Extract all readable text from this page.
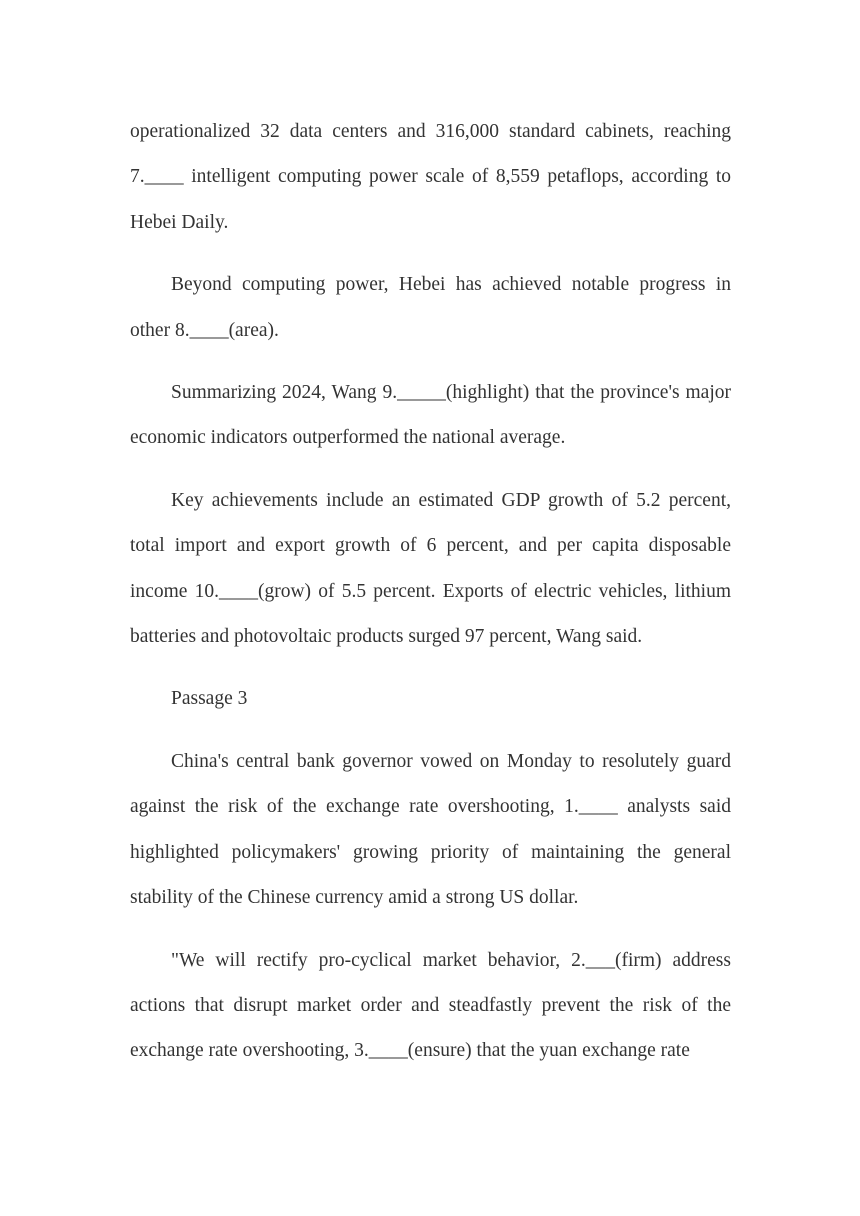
operationalized 32 data centers and 316,000 standard cabinets, reaching 7.____ intelligent computing power scale of 8,559 petaflops, according to Hebei Daily.

Beyond computing power, Hebei has achieved notable progress in other 8.____(area).

Summarizing 2024, Wang 9._____(highlight) that the province's major economic indicators outperformed the national average.

Key achievements include an estimated GDP growth of 5.2 percent, total import and export growth of 6 percent, and per capita disposable income 10.____(grow) of 5.5 percent. Exports of electric vehicles, lithium batteries and photovoltaic products surged 97 percent, Wang said.

Passage 3

China's central bank governor vowed on Monday to resolutely guard against the risk of the exchange rate overshooting, 1.____ analysts said highlighted policymakers' growing priority of maintaining the general stability of the Chinese currency amid a strong US dollar.

"We will rectify pro-cyclical market behavior, 2.___(firm) address actions that disrupt market order and steadfastly prevent the risk of the exchange rate overshooting, 3.____(ensure) that the yuan exchange rate
